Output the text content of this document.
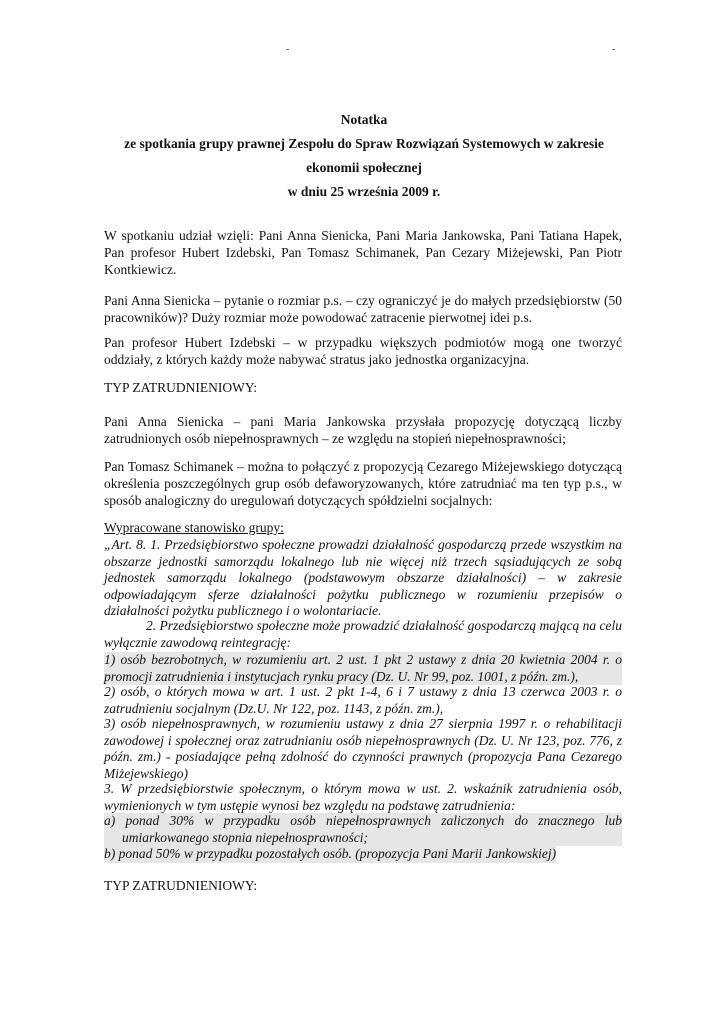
-	-
Notatka
ze spotkania grupy prawnej Zespołu do Spraw Rozwiązań Systemowych w zakresie
ekonomii społecznej
w dniu 25 września 2009 r.

W spotkaniu udział wzięli: Pani Anna Sienicka, Pani Maria Jankowska, Pani Tatiana Hapek, Pan profesor Hubert Izdebski, Pan Tomasz Schimanek, Pan Cezary Miżejewski, Pan Piotr Kontkiewicz.

Pani Anna Sienicka – pytanie o rozmiar p.s. – czy ograniczyć je do małych przedsiębiorstw (50 pracowników)? Duży rozmiar może powodować zatracenie pierwotnej idei p.s.

Pan profesor Hubert Izdebski – w przypadku większych podmiotów mogą one tworzyć oddziały, z których każdy może nabywać stratus jako jednostka organizacyjna.

TYP ZATRUDNIENIOWY:

Pani Anna Sienicka – pani Maria Jankowska przysłała propozycję dotyczącą liczby zatrudnionych osób niepełnosprawnych – ze względu na stopień niepełnosprawności;

Pan Tomasz Schimanek – można to połączyć z propozycją Cezarego Miżejewskiego dotyczącą określenia poszczególnych grup osób defaworyzowanych, które zatrudniać ma ten typ p.s., w sposób analogiczny do uregulowań dotyczących spółdzielni socjalnych:

Wypracowane stanowisko grupy:

„Art. 8. 1. Przedsiębiorstwo społeczne prowadzi działalność gospodarczą przede wszystkim na obszarze jednostki samorządu lokalnego lub nie więcej niż trzech sąsiadujących ze sobą jednostek samorządu lokalnego (podstawowym obszarze działalności) – w zakresie odpowiadającym sferze działalności pożytku publicznego w rozumieniu przepisów o działalności pożytku publicznego i o wolontariacie.

2. Przedsiębiorstwo społeczne może prowadzić działalność gospodarczą mającą na celu wyłącznie zawodową reintegrację:

1) osób bezrobotnych, w rozumieniu art. 2 ust. 1 pkt 2 ustawy z dnia 20 kwietnia 2004 r. o promocji zatrudnienia i instytucjach rynku pracy (Dz. U. Nr 99, poz. 1001, z późn. zm.),

2) osób, o których mowa w art. 1 ust. 2 pkt 1-4, 6 i 7 ustawy z dnia 13 czerwca 2003 r. o zatrudnieniu socjalnym (Dz.U. Nr 122, poz. 1143, z późn. zm.),

3) osób niepełnosprawnych, w rozumieniu ustawy z dnia 27 sierpnia 1997 r. o rehabilitacji zawodowej i społecznej oraz zatrudnianiu osób niepełnosprawnych (Dz. U. Nr 123, poz. 776, z późn. zm.) - posiadające pełną zdolność do czynności prawnych (propozycja Pana Cezarego Miżejewskiego)

3. W przedsiębiorstwie społecznym, o którym mowa w ust. 2. wskaźnik zatrudnienia osób, wymienionych w tym ustępie wynosi bez względu na podstawę zatrudnienia:

a) ponad 30% w przypadku osób niepełnosprawnych zaliczonych do znacznego lub umiarkowanego stopnia niepełnosprawności;

b) ponad 50% w przypadku pozostałych osób. (propozycja Pani Marii Jankowskiej)

TYP ZATRUDNIENIOWY:
